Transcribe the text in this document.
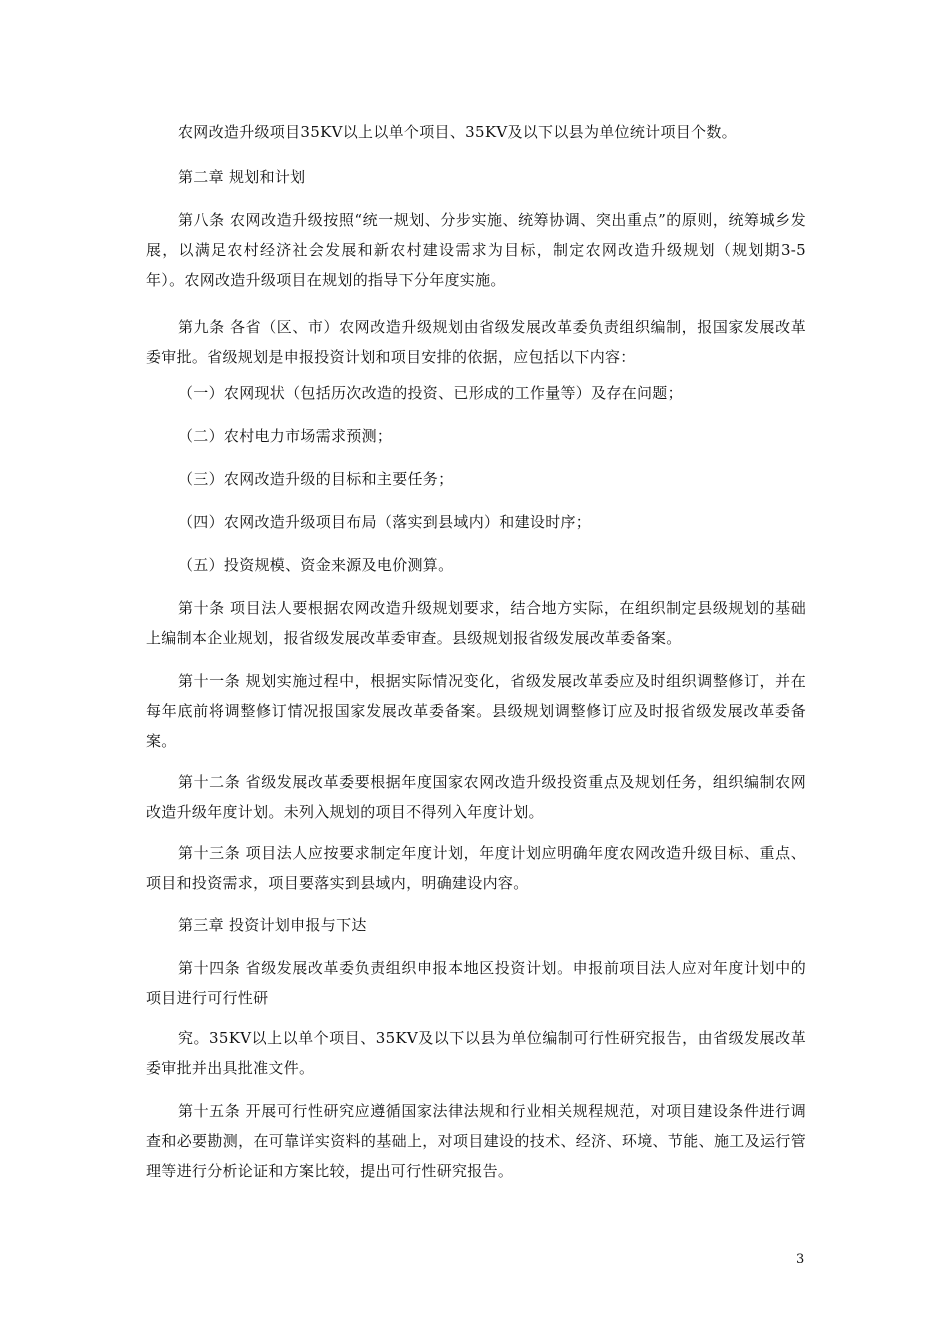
农网改造升级项目35KV以上以单个项目、35KV及以下以县为单位统计项目个数。

第二章 规划和计划

第八条 农网改造升级按照“统一规划、分步实施、统筹协调、突出重点”的原则，统筹城乡发展，以满足农村经济社会发展和新农村建设需求为目标，制定农网改造升级规划（规划期3-5年）。农网改造升级项目在规划的指导下分年度实施。

第九条 各省（区、市）农网改造升级规划由省级发展改革委负责组织编制，报国家发展改革委审批。省级规划是申报投资计划和项目安排的依据，应包括以下内容：

（一）农网现状（包括历次改造的投资、已形成的工作量等）及存在问题；

（二）农村电力市场需求预测；

（三）农网改造升级的目标和主要任务；

（四）农网改造升级项目布局（落实到县域内）和建设时序；

（五）投资规模、资金来源及电价测算。

第十条 项目法人要根据农网改造升级规划要求，结合地方实际，在组织制定县级规划的基础上编制本企业规划，报省级发展改革委审查。县级规划报省级发展改革委备案。

第十一条 规划实施过程中，根据实际情况变化，省级发展改革委应及时组织调整修订，并在每年底前将调整修订情况报国家发展改革委备案。县级规划调整修订应及时报省级发展改革委备案。

第十二条 省级发展改革委要根据年度国家农网改造升级投资重点及规划任务，组织编制农网改造升级年度计划。未列入规划的项目不得列入年度计划。

第十三条 项目法人应按要求制定年度计划，年度计划应明确年度农网改造升级目标、重点、项目和投资需求，项目要落实到县域内，明确建设内容。

第三章 投资计划申报与下达

第十四条 省级发展改革委负责组织申报本地区投资计划。申报前项目法人应对年度计划中的项目进行可行性研

究。35KV以上以单个项目、35KV及以下以县为单位编制可行性研究报告，由省级发展改革委审批并出具批准文件。

第十五条 开展可行性研究应遵循国家法律法规和行业相关规程规范，对项目建设条件进行调查和必要勘测，在可靠详实资料的基础上，对项目建设的技术、经济、环境、节能、施工及运行管理等进行分析论证和方案比较，提出可行性研究报告。

3
